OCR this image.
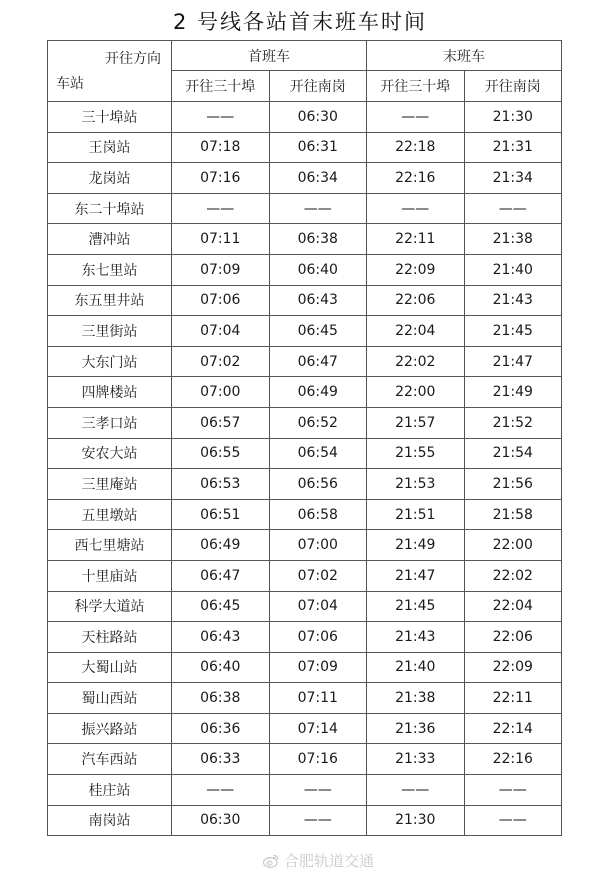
2 号线各站首末班车时间
开往方向
车站	首班车		末班车	
	开往三十埠	开往南岗	开往三十埠	开往南岗
三十埠站	——	06:30	——	21:30
王岗站	07:18	06:31	22:18	21:31
龙岗站	07:16	06:34	22:16	21:34
东二十埠站	——	——	——	——
漕冲站	07:11	06:38	22:11	21:38
东七里站	07:09	06:40	22:09	21:40
东五里井站	07:06	06:43	22:06	21:43
三里街站	07:04	06:45	22:04	21:45
大东门站	07:02	06:47	22:02	21:47
四牌楼站	07:00	06:49	22:00	21:49
三孝口站	06:57	06:52	21:57	21:52
安农大站	06:55	06:54	21:55	21:54
三里庵站	06:53	06:56	21:53	21:56
五里墩站	06:51	06:58	21:51	21:58
西七里塘站	06:49	07:00	21:49	22:00
十里庙站	06:47	07:02	21:47	22:02
科学大道站	06:45	07:04	21:45	22:04
天柱路站	06:43	07:06	21:43	22:06
大蜀山站	06:40	07:09	21:40	22:09
蜀山西站	06:38	07:11	21:38	22:11
振兴路站	06:36	07:14	21:36	22:14
汽车西站	06:33	07:16	21:33	22:16
桂庄站	——	——	——	——
南岗站	06:30	——	21:30	——
合肥轨道交通
